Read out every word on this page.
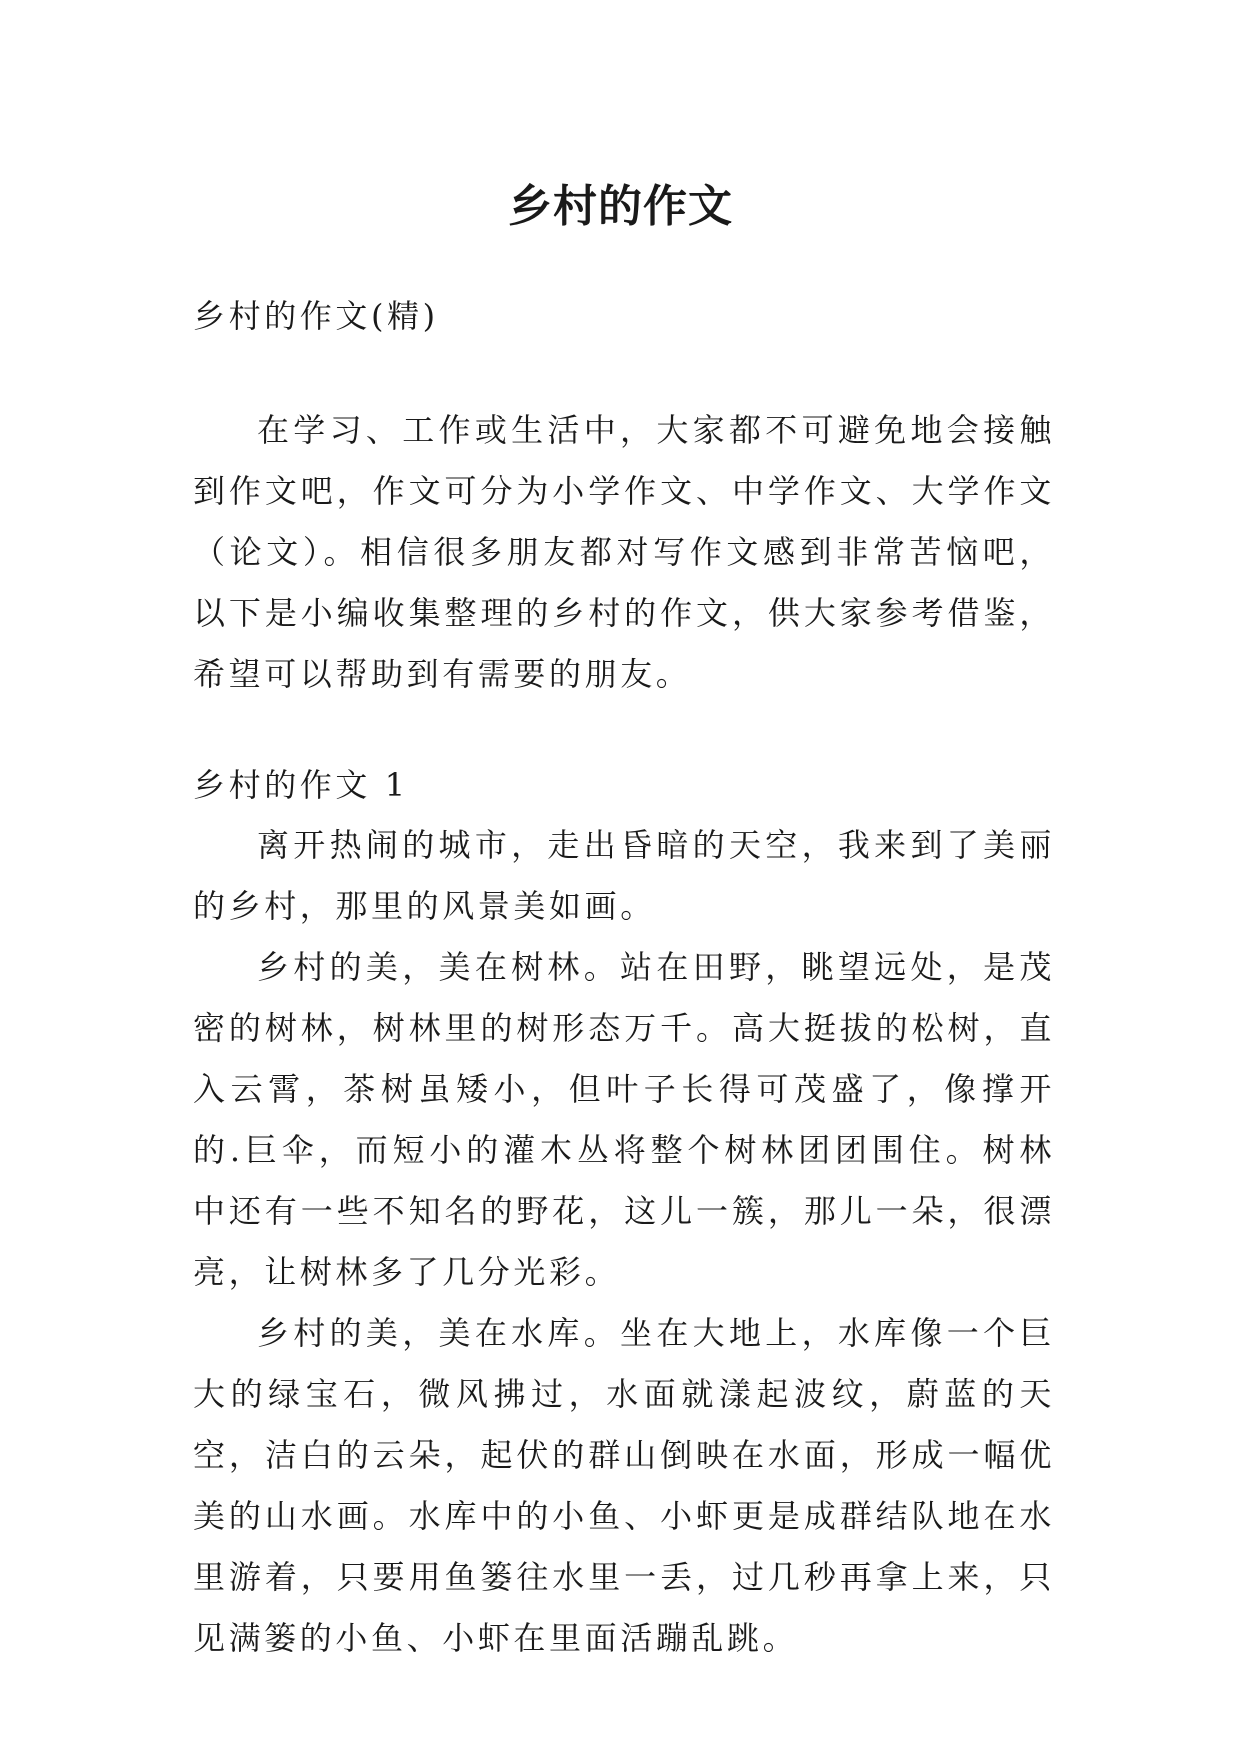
乡村的作文

乡村的作文(精)

在学习、工作或生活中，大家都不可避免地会接触到作文吧，作文可分为小学作文、中学作文、大学作文（论文）。相信很多朋友都对写作文感到非常苦恼吧，以下是小编收集整理的乡村的作文，供大家参考借鉴，希望可以帮助到有需要的朋友。

乡村的作文 1

离开热闹的城市，走出昏暗的天空，我来到了美丽的乡村，那里的风景美如画。

乡村的美，美在树林。站在田野，眺望远处，是茂密的树林，树林里的树形态万千。高大挺拔的松树，直入云霄，茶树虽矮小，但叶子长得可茂盛了，像撑开的.巨伞，而短小的灌木丛将整个树林团团围住。树林中还有一些不知名的野花，这儿一簇，那儿一朵，很漂亮，让树林多了几分光彩。

乡村的美，美在水库。坐在大地上，水库像一个巨大的绿宝石，微风拂过，水面就漾起波纹，蔚蓝的天空，洁白的云朵，起伏的群山倒映在水面，形成一幅优美的山水画。水库中的小鱼、小虾更是成群结队地在水里游着，只要用鱼篓往水里一丢，过几秒再拿上来，只见满篓的小鱼、小虾在里面活蹦乱跳。
